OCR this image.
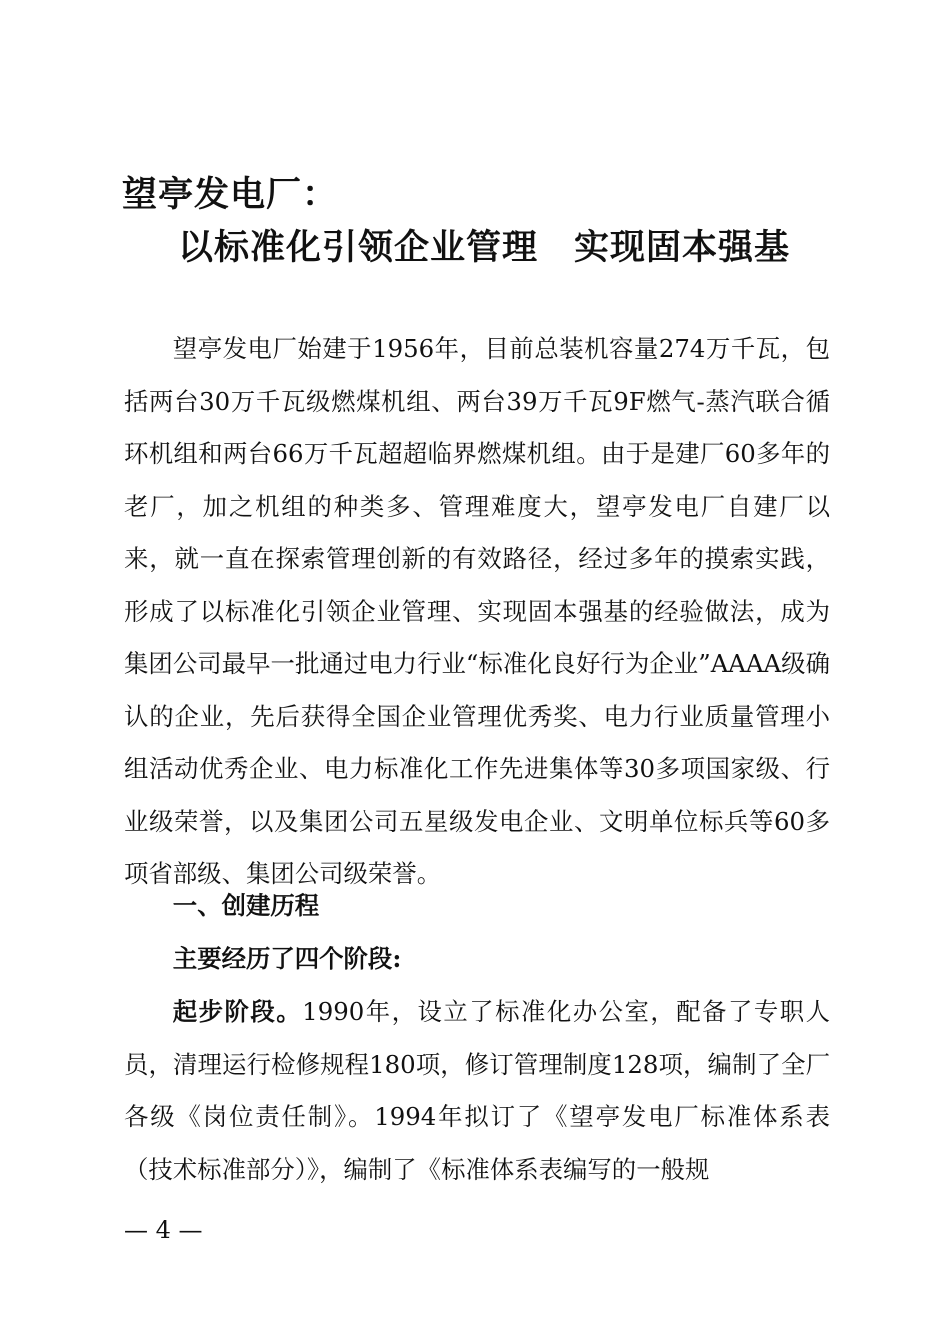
望亭发电厂：
以标准化引领企业管理 实现固本强基

望亭发电厂始建于1956年，目前总装机容量274万千瓦，包括两台30万千瓦级燃煤机组、两台39万千瓦9F燃气-蒸汽联合循环机组和两台66万千瓦超超临界燃煤机组。由于是建厂60多年的老厂，加之机组的种类多、管理难度大，望亭发电厂自建厂以来，就一直在探索管理创新的有效路径，经过多年的摸索实践，形成了以标准化引领企业管理、实现固本强基的经验做法，成为集团公司最早一批通过电力行业“标准化良好行为企业”AAAA级确认的企业，先后获得全国企业管理优秀奖、电力行业质量管理小组活动优秀企业、电力标准化工作先进集体等30多项国家级、行业级荣誉，以及集团公司五星级发电企业、文明单位标兵等60多项省部级、集团公司级荣誉。

一、创建历程

主要经历了四个阶段:

起步阶段。1990年，设立了标准化办公室，配备了专职人员，清理运行检修规程180项，修订管理制度128项，编制了全厂各级《岗位责任制》。1994年拟订了《望亭发电厂标准体系表（技术标准部分）》，编制了《标准体系表编写的一般规

— 4 —
